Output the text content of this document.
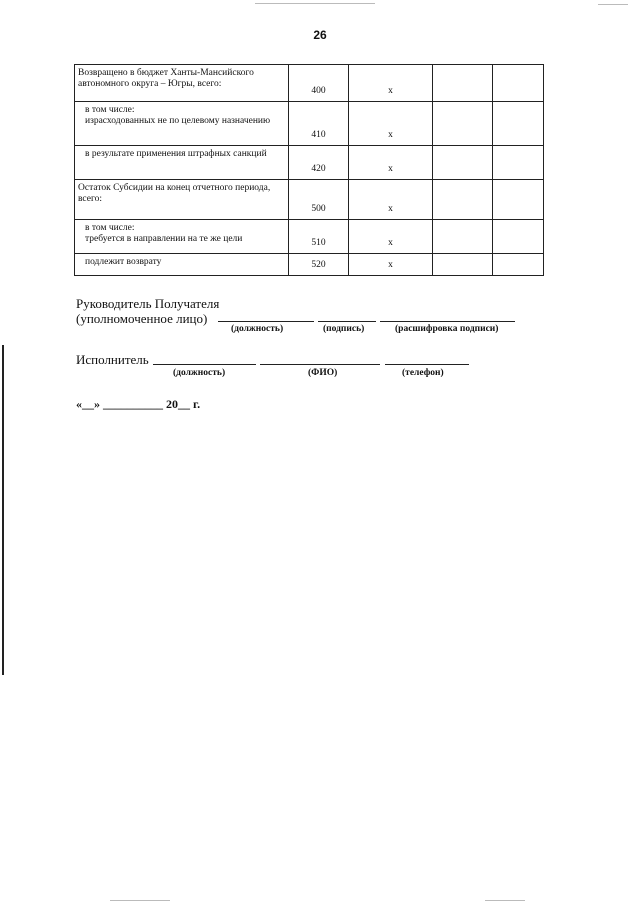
26
Возвращено в бюджет Ханты-Мансийского автономного округа – Югры, всего:	400	x		
в том числе:
израсходованных не по целевому назначению	410	x		
в результате применения штрафных санкций	420	x		
Остаток Субсидии на конец отчетного периода, всего:	500	x		
в том числе:
требуется в направлении на те же цели	510	x		
подлежит возврату	520	x		
Руководитель Получателя
(уполномоченное лицо)
(должность)	(подпись)	(расшифровка подписи)
Исполнитель
(должность)	(ФИО)	(телефон)
«__» __________ 20__ г.
